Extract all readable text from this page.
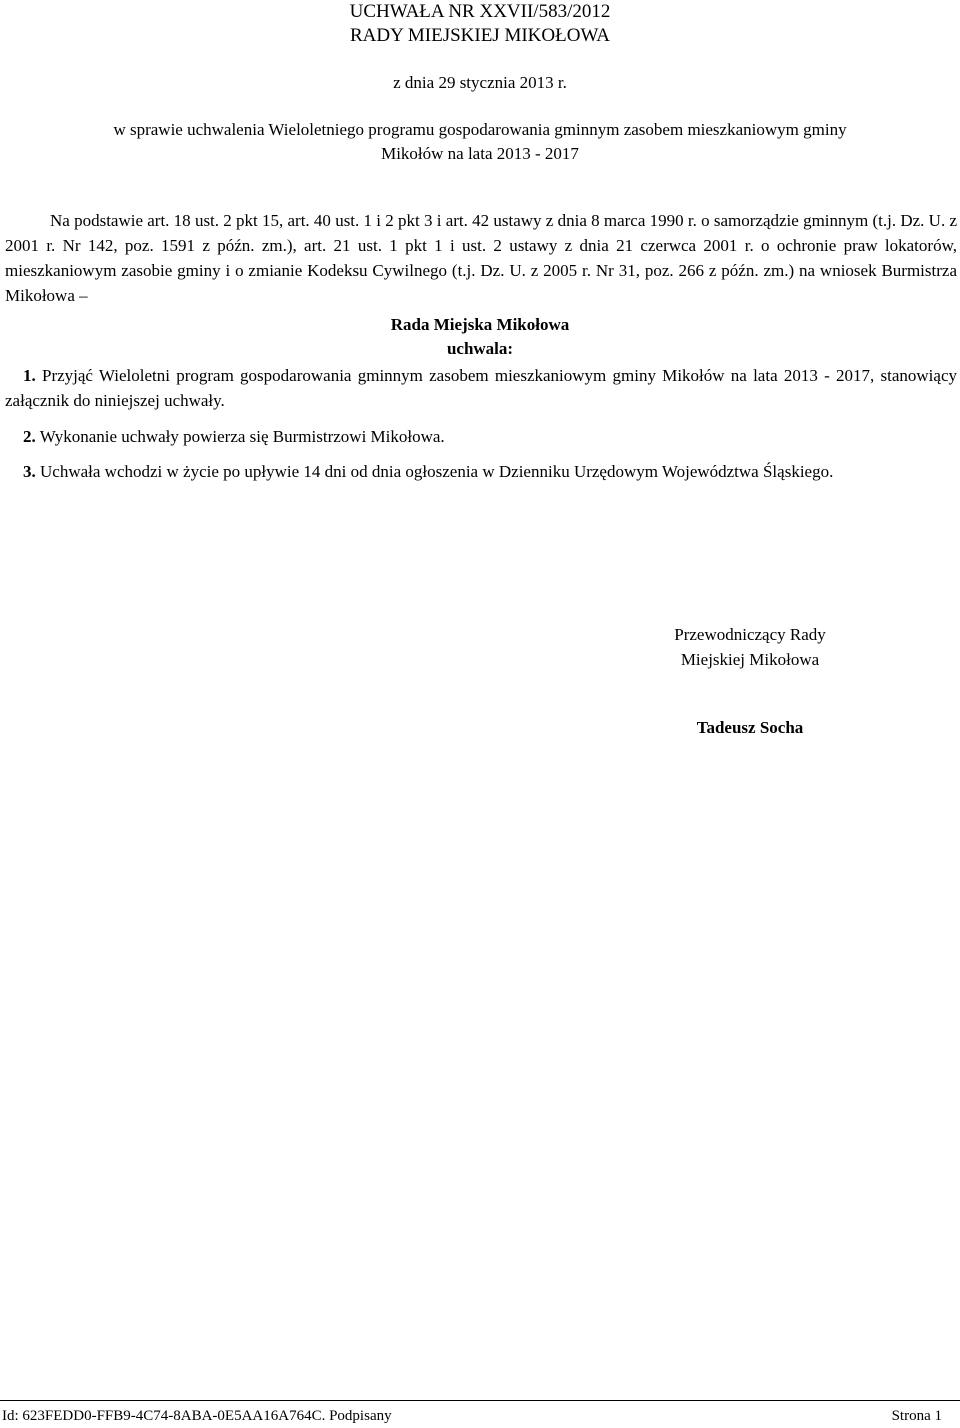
UCHWAŁA NR XXVII/583/2012
RADY MIEJSKIEJ MIKOŁOWA
z dnia 29 stycznia 2013 r.
w sprawie uchwalenia Wieloletniego programu gospodarowania gminnym zasobem mieszkaniowym gminy
Mikołów na lata 2013 - 2017
Na podstawie art. 18 ust. 2 pkt 15, art. 40 ust. 1 i 2 pkt 3 i art. 42 ustawy z dnia 8 marca 1990 r. o samorządzie gminnym (t.j. Dz. U. z 2001 r. Nr 142, poz. 1591 z późn. zm.), art. 21 ust. 1 pkt 1 i ust. 2 ustawy z dnia 21 czerwca 2001 r. o ochronie praw lokatorów, mieszkaniowym zasobie gminy i o zmianie Kodeksu Cywilnego (t.j. Dz. U. z 2005 r. Nr 31, poz. 266 z późn. zm.) na wniosek Burmistrza Mikołowa –
Rada Miejska Mikołowa
uchwala:
1. Przyjąć Wieloletni program gospodarowania gminnym zasobem mieszkaniowym gminy Mikołów na lata 2013 - 2017, stanowiący załącznik do niniejszej uchwały.
2. Wykonanie uchwały powierza się Burmistrzowi Mikołowa.
3. Uchwała wchodzi w życie po upływie 14 dni od dnia ogłoszenia w Dzienniku Urzędowym Województwa Śląskiego.
Przewodniczący Rady
Miejskiej Mikołowa
Tadeusz Socha
Id: 623FEDD0-FFB9-4C74-8ABA-0E5AA16A764C. Podpisany	Strona 1
